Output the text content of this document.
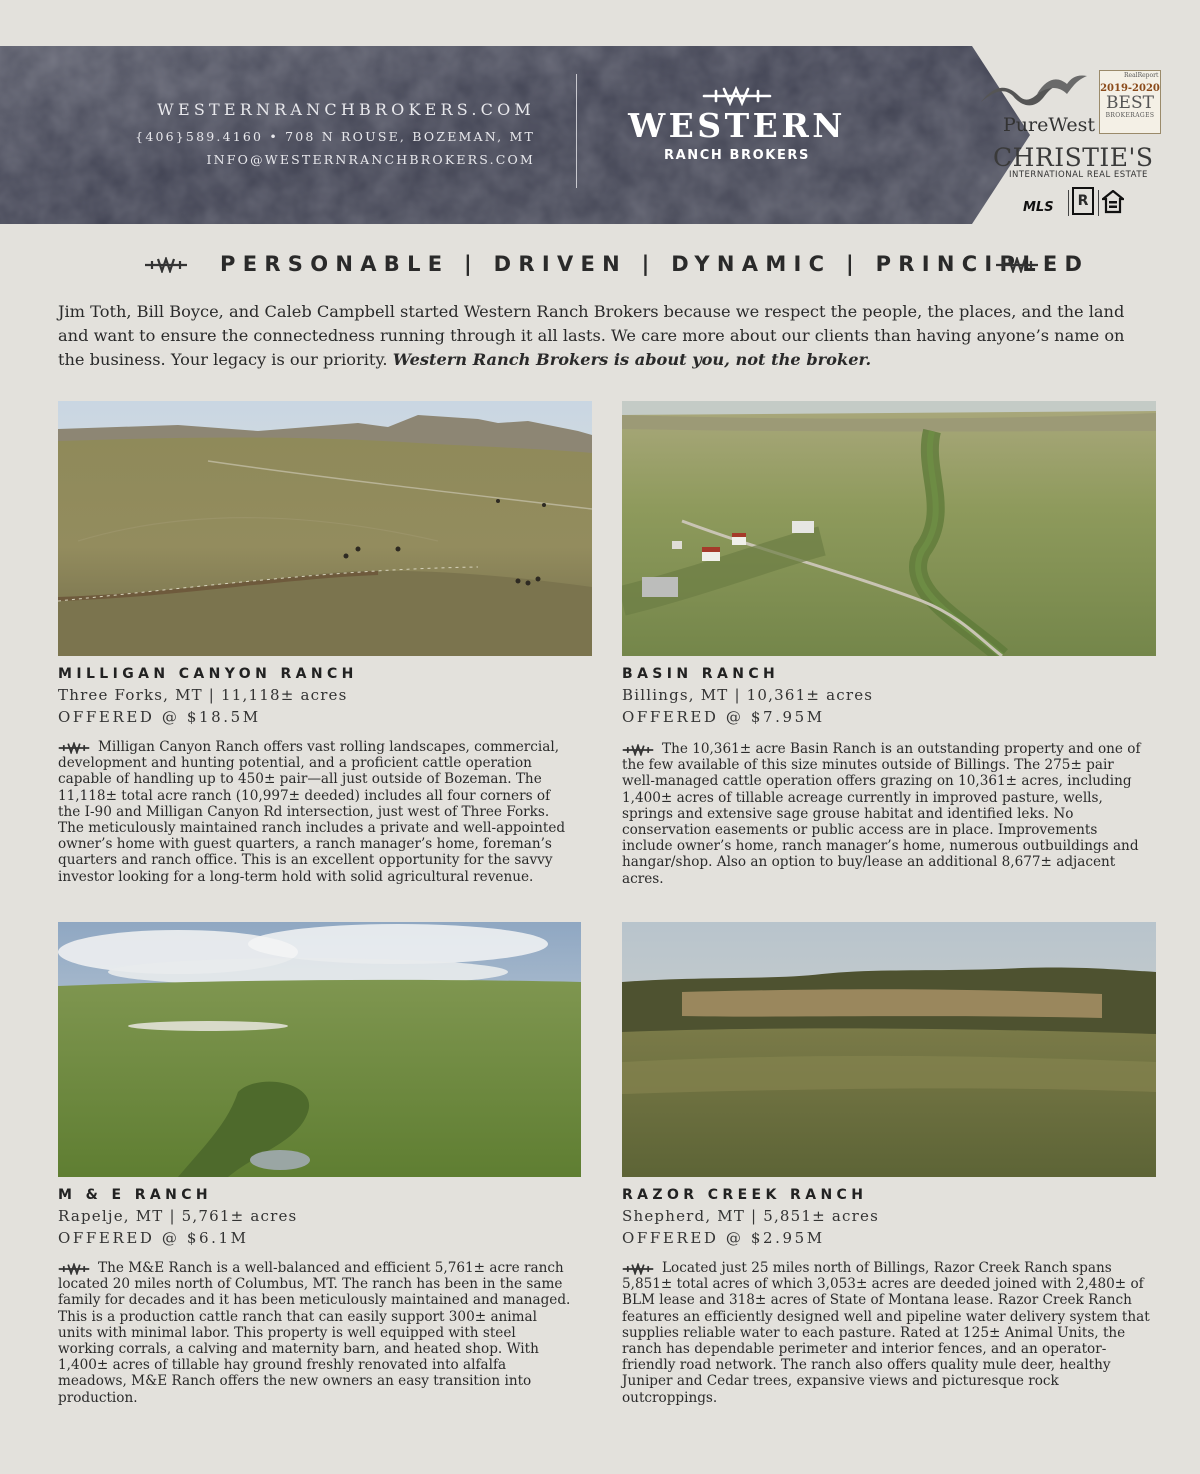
WESTERNRANCHBROKERS.COM
{406}589.4160 • 708 N ROUSE, BOZEMAN, MT
INFO@WESTERNRANCHBROKERS.COM
WESTERN
RANCH BROKERS
RealReport
2019-2020
BEST
BROKERAGES
PureWest
CHRISTIE'S
INTERNATIONAL REAL ESTATE
MLS	R
PERSONABLE | DRIVEN | DYNAMIC | PRINCIPLED
Jim Toth, Bill Boyce, and Caleb Campbell started Western Ranch Brokers because we respect the people, the places, and the land and want to ensure the connectedness running through it all lasts. We care more about our clients than having anyone’s name on the business. Your legacy is our priority. Western Ranch Brokers is about you, not the broker.
MILLIGAN CANYON RANCH
Three Forks, MT | 11,118± acres
OFFERED @ $18.5M
Milligan Canyon Ranch offers vast rolling landscapes, commercial, development and hunting potential, and a proficient cattle operation capable of handling up to 450± pair—all just outside of Bozeman. The 11,118± total acre ranch (10,997± deeded) includes all four corners of the I-90 and Milligan Canyon Rd intersection, just west of Three Forks. The meticulously maintained ranch includes a private and well-appointed owner’s home with guest quarters, a ranch manager’s home, foreman’s quarters and ranch office. This is an excellent opportunity for the savvy investor looking for a long-term hold with solid agricultural revenue.
BASIN RANCH
Billings, MT | 10,361± acres
OFFERED @ $7.95M
The 10,361± acre Basin Ranch is an outstanding property and one of the few available of this size minutes outside of Billings. The 275± pair well-managed cattle operation offers grazing on 10,361± acres, including 1,400± acres of tillable acreage currently in improved pasture, wells, springs and extensive sage grouse habitat and identified leks. No conservation easements or public access are in place. Improvements include owner’s home, ranch manager’s home, numerous outbuildings and hangar/shop. Also an option to buy/lease an additional 8,677± adjacent acres.
M & E RANCH
Rapelje, MT | 5,761± acres
OFFERED @ $6.1M
The M&E Ranch is a well-balanced and efficient 5,761± acre ranch located 20 miles north of Columbus, MT. The ranch has been in the same family for decades and it has been meticulously maintained and managed. This is a production cattle ranch that can easily support 300± animal units with minimal labor. This property is well equipped with steel working corrals, a calving and maternity barn, and heated shop. With 1,400± acres of tillable hay ground freshly renovated into alfalfa meadows, M&E Ranch offers the new owners an easy transition into production.
RAZOR CREEK RANCH
Shepherd, MT | 5,851± acres
OFFERED @ $2.95M
Located just 25 miles north of Billings, Razor Creek Ranch spans 5,851± total acres of which 3,053± acres are deeded joined with 2,480± of BLM lease and 318± acres of State of Montana lease. Razor Creek Ranch features an efficiently designed well and pipeline water delivery system that supplies reliable water to each pasture. Rated at 125± Animal Units, the ranch has dependable perimeter and interior fences, and an operator-friendly road network. The ranch also offers quality mule deer, healthy Juniper and Cedar trees, expansive views and picturesque rock outcroppings.
